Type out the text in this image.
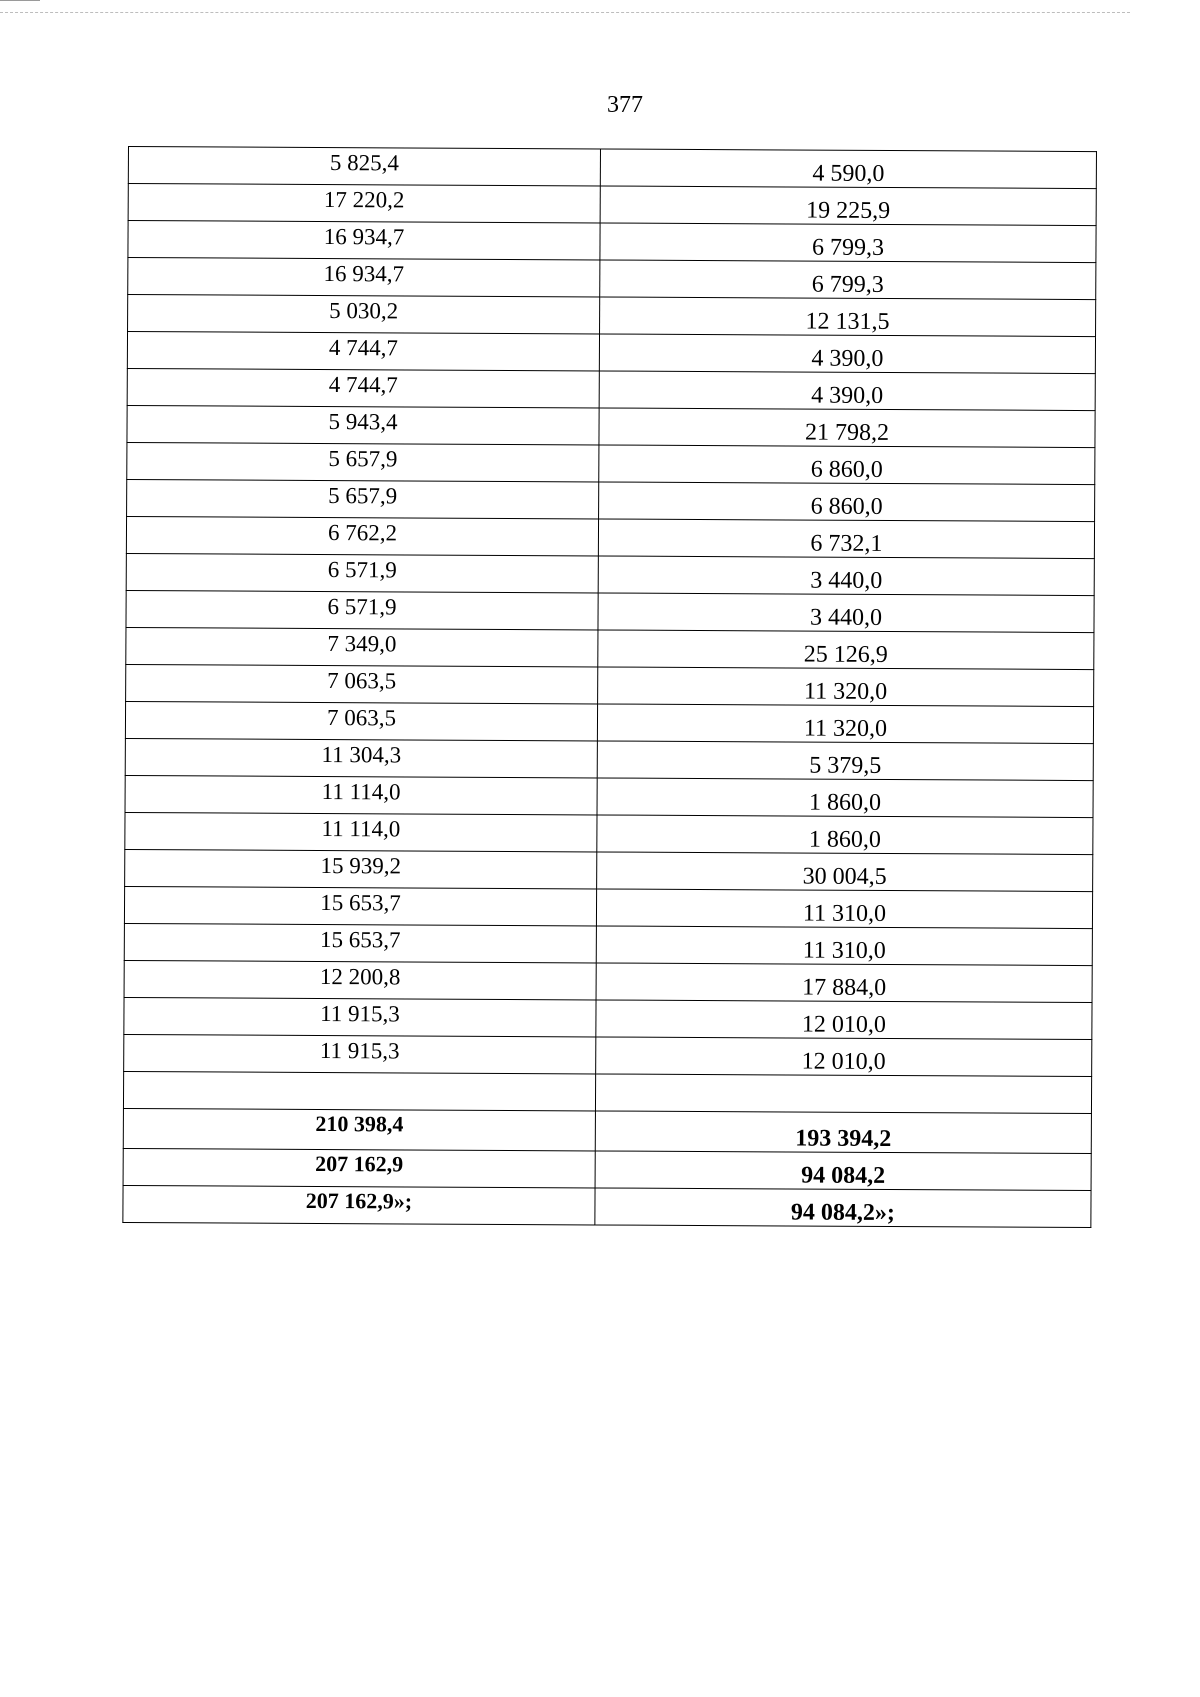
377
5 825,4	4 590,0
17 220,2	19 225,9
16 934,7	6 799,3
16 934,7	6 799,3
5 030,2	12 131,5
4 744,7	4 390,0
4 744,7	4 390,0
5 943,4	21 798,2
5 657,9	6 860,0
5 657,9	6 860,0
6 762,2	6 732,1
6 571,9	3 440,0
6 571,9	3 440,0
7 349,0	25 126,9
7 063,5	11 320,0
7 063,5	11 320,0
11 304,3	5 379,5
11 114,0	1 860,0
11 114,0	1 860,0
15 939,2	30 004,5
15 653,7	11 310,0
15 653,7	11 310,0
12 200,8	17 884,0
11 915,3	12 010,0
11 915,3	12 010,0

210 398,4	193 394,2
207 162,9	94 084,2
207 162,9»;	94 084,2»;
